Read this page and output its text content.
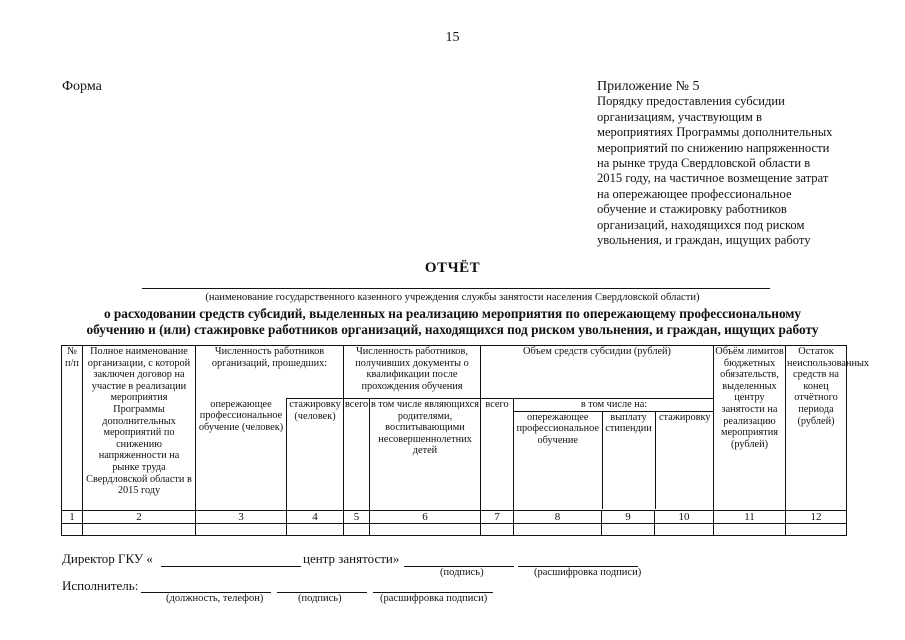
15
Форма	Приложение № 5
Порядку предоставления субсидии
организациям, участвующим в
мероприятиях Программы дополнительных
мероприятий по снижению напряженности
на рынке труда Свердловской области в
2015 году, на частичное возмещение затрат
на опережающее профессиональное
обучение и стажировку работников
организаций, находящихся под риском
увольнения, и граждан, ищущих работу
ОТЧЁТ
(наименование государственного казенного учреждения службы занятости населения Свердловской области)
о расходовании средств субсидий, выделенных на реализацию мероприятия по опережающему профессиональному
обучению и (или) стажировке работников организаций, находящихся под риском увольнения, и граждан, ищущих работу
№ п/п	Полное наименование организации, с которой заключен договор на участие в реализации мероприятия Программы дополнительных мероприятий по снижению напряженности на рынке труда Свердловской области в 2015 году	Численность работников организаций, прошедших:	Численность работников, получивших документы о квалификации после прохождения обучения	Объем средств субсидии (рублей)	Объём лимитов бюджетных обязательств, выделенных центру занятости на реализацию мероприятия (рублей)	Остаток неиспользованных средств на конец отчётного периода (рублей)
опережающее профессиональное обучение (человек)	стажировку (человек)	всего	в том числе являющихся родителями, воспитывающими несовершеннолетних детей	всего		в том числе на:
опережающее профессиональное обучение	выплату стипендии	стажировку

1	2	3	4	5	6	7	8	9	10	11	12

Директор ГКУ «	центр занятости»
(подпись)	(расшифровка подписи)
Исполнитель:
(должность, телефон)	(подпись)	(расшифровка подписи)
